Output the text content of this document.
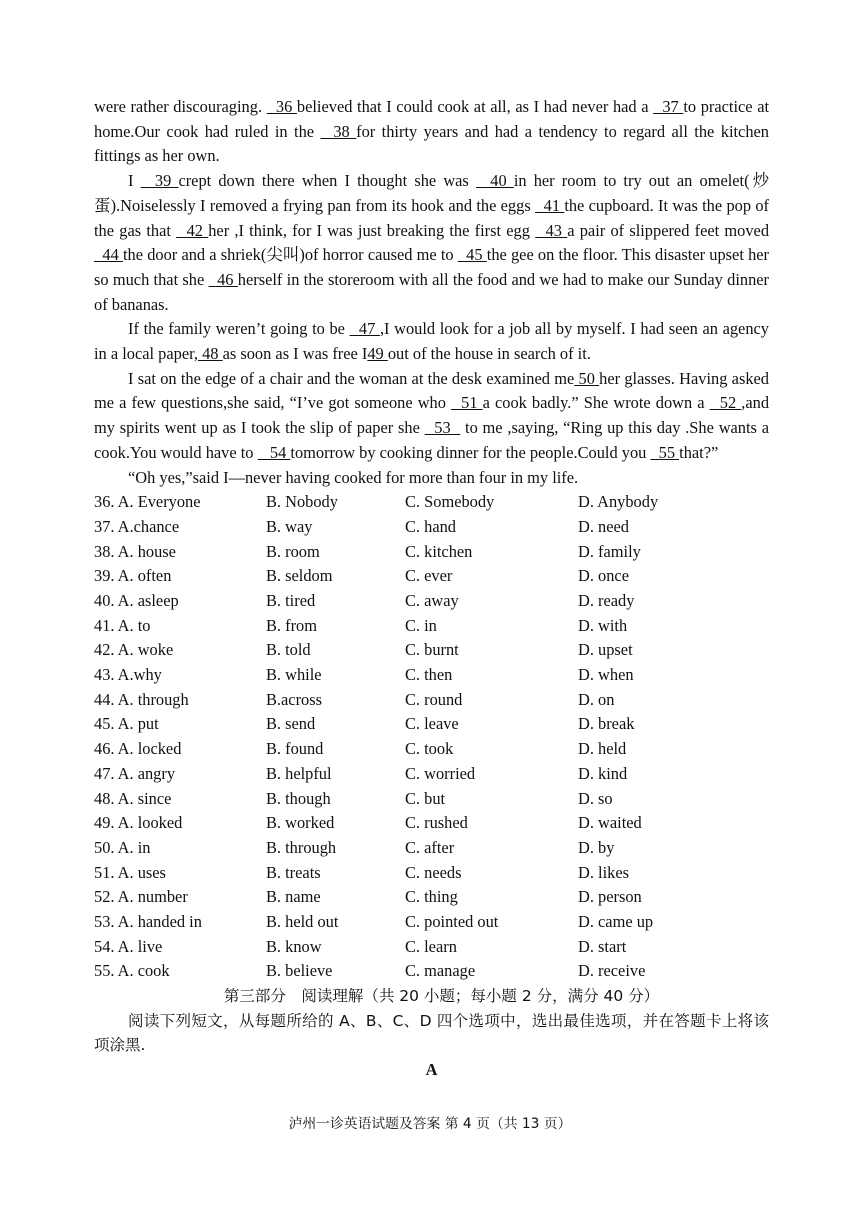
were rather discouraging.   36 believed that I could cook at all, as I had never had a   37 to practice at home.Our cook had ruled in the   38 for thirty years and had a tendency to regard all the kitchen fittings as her own.

I   39 crept down there when I thought she was   40 in her room to try out an omelet(炒蛋).Noiselessly I removed a frying pan from its hook and the eggs   41 the cupboard. It was the pop of the gas that   42 her ,I think, for I was just breaking the first egg   43 a pair of slippered feet moved   44 the door and a shriek(尖叫)of horror caused me to   45 the gee on the floor. This disaster upset her so much that she   46 herself in the storeroom with all the food and we had to make our Sunday dinner of bananas.

If the family weren’t going to be   47 ,I would look for a job all by myself. I had seen an agency in a local paper, 48 as soon as I was free I49 out of the house in search of it.

I sat on the edge of a chair and the woman at the desk examined me 50 her glasses. Having asked me a few questions,she said, “I’ve got someone who   51 a cook badly.” She wrote down a   52 ,and my spirits went up as I took the slip of paper she   53   to me ,saying, “Ring up this day .She wants a cook.You would have to    54 tomorrow by cooking dinner for the people.Could you   55 that?”

“Oh yes,”said I—never having cooked for more than four in my life.

36. A. Everyone	B. Nobody	C. Somebody	D. Anybody
37. A.chance	B. way	C. hand	D. need
38. A. house	B. room	C. kitchen	D. family
39. A. often	B. seldom	C. ever	D. once
40. A. asleep	B. tired	C. away	D. ready
41. A. to	B. from	C. in	D. with
42. A. woke	B. told	C. burnt	D. upset
43. A.why	B. while	C. then	D. when
44. A. through	B.across	C. round	D. on
45. A. put	B. send	C. leave	D. break
46. A. locked	B. found	C. took	D. held
47. A. angry	B. helpful	C. worried	D. kind
48. A. since	B. though	C. but	D. so
49. A. looked	B. worked	C. rushed	D. waited
50. A. in	B. through	C. after	D. by
51. A. uses	B. treats	C. needs	D. likes
52. A. number	B. name	C. thing	D. person
53. A. handed in	B. held out	C. pointed out	D. came up
54. A. live	B. know	C. learn	D. start
55. A. cook	B. believe	C. manage	D. receive

第三部分　阅读理解（共 20 小题；每小题 2 分，满分 40 分）

阅读下列短文，从每题所给的 A、B、C、D 四个选项中，选出最佳选项，并在答题卡上将该项涂黑.

A

泸州一诊英语试题及答案 第 4 页（共 13 页）
